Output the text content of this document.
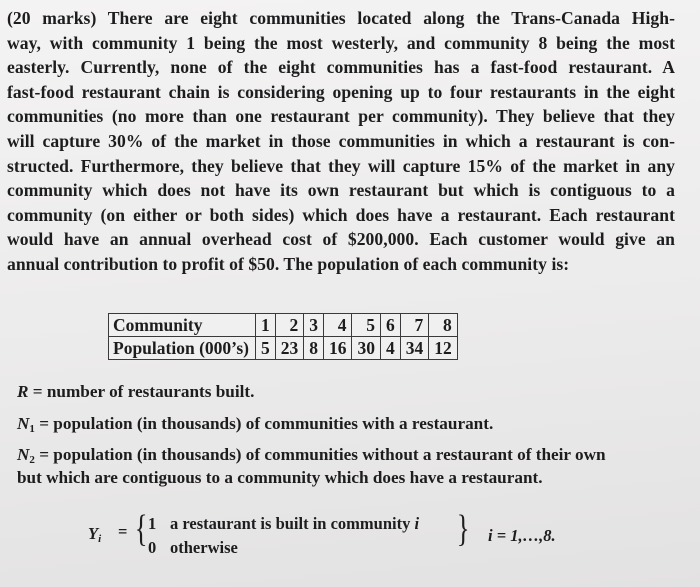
(20 marks) There are eight communities located along the Trans-Canada High-
way, with community 1 being the most westerly, and community 8 being the most
easterly. Currently, none of the eight communities has a fast-food restaurant. A
fast-food restaurant chain is considering opening up to four restaurants in the eight
communities (no more than one restaurant per community). They believe that they
will capture 30% of the market in those communities in which a restaurant is con-
structed. Furthermore, they believe that they will capture 15% of the market in any
community which does not have its own restaurant but which is contiguous to a
community (on either or both sides) which does have a restaurant. Each restaurant
would have an annual overhead cost of $200,000. Each customer would give an
annual contribution to profit of $50. The population of each community is:
Community	1	2	3	4	5	6	7	8
Population (000’s)	5	23	8	16	30	4	34	12
R = number of restaurants built.
$N_1$ = population (in thousands) of communities with a restaurant.
$N_2$ = population (in thousands) of communities without a restaurant of their own
but which are contiguous to a community which does have a restaurant.
$Y_i$ = { 1 a restaurant is built in community i
0 otherwise	} i = 1,…,8.
